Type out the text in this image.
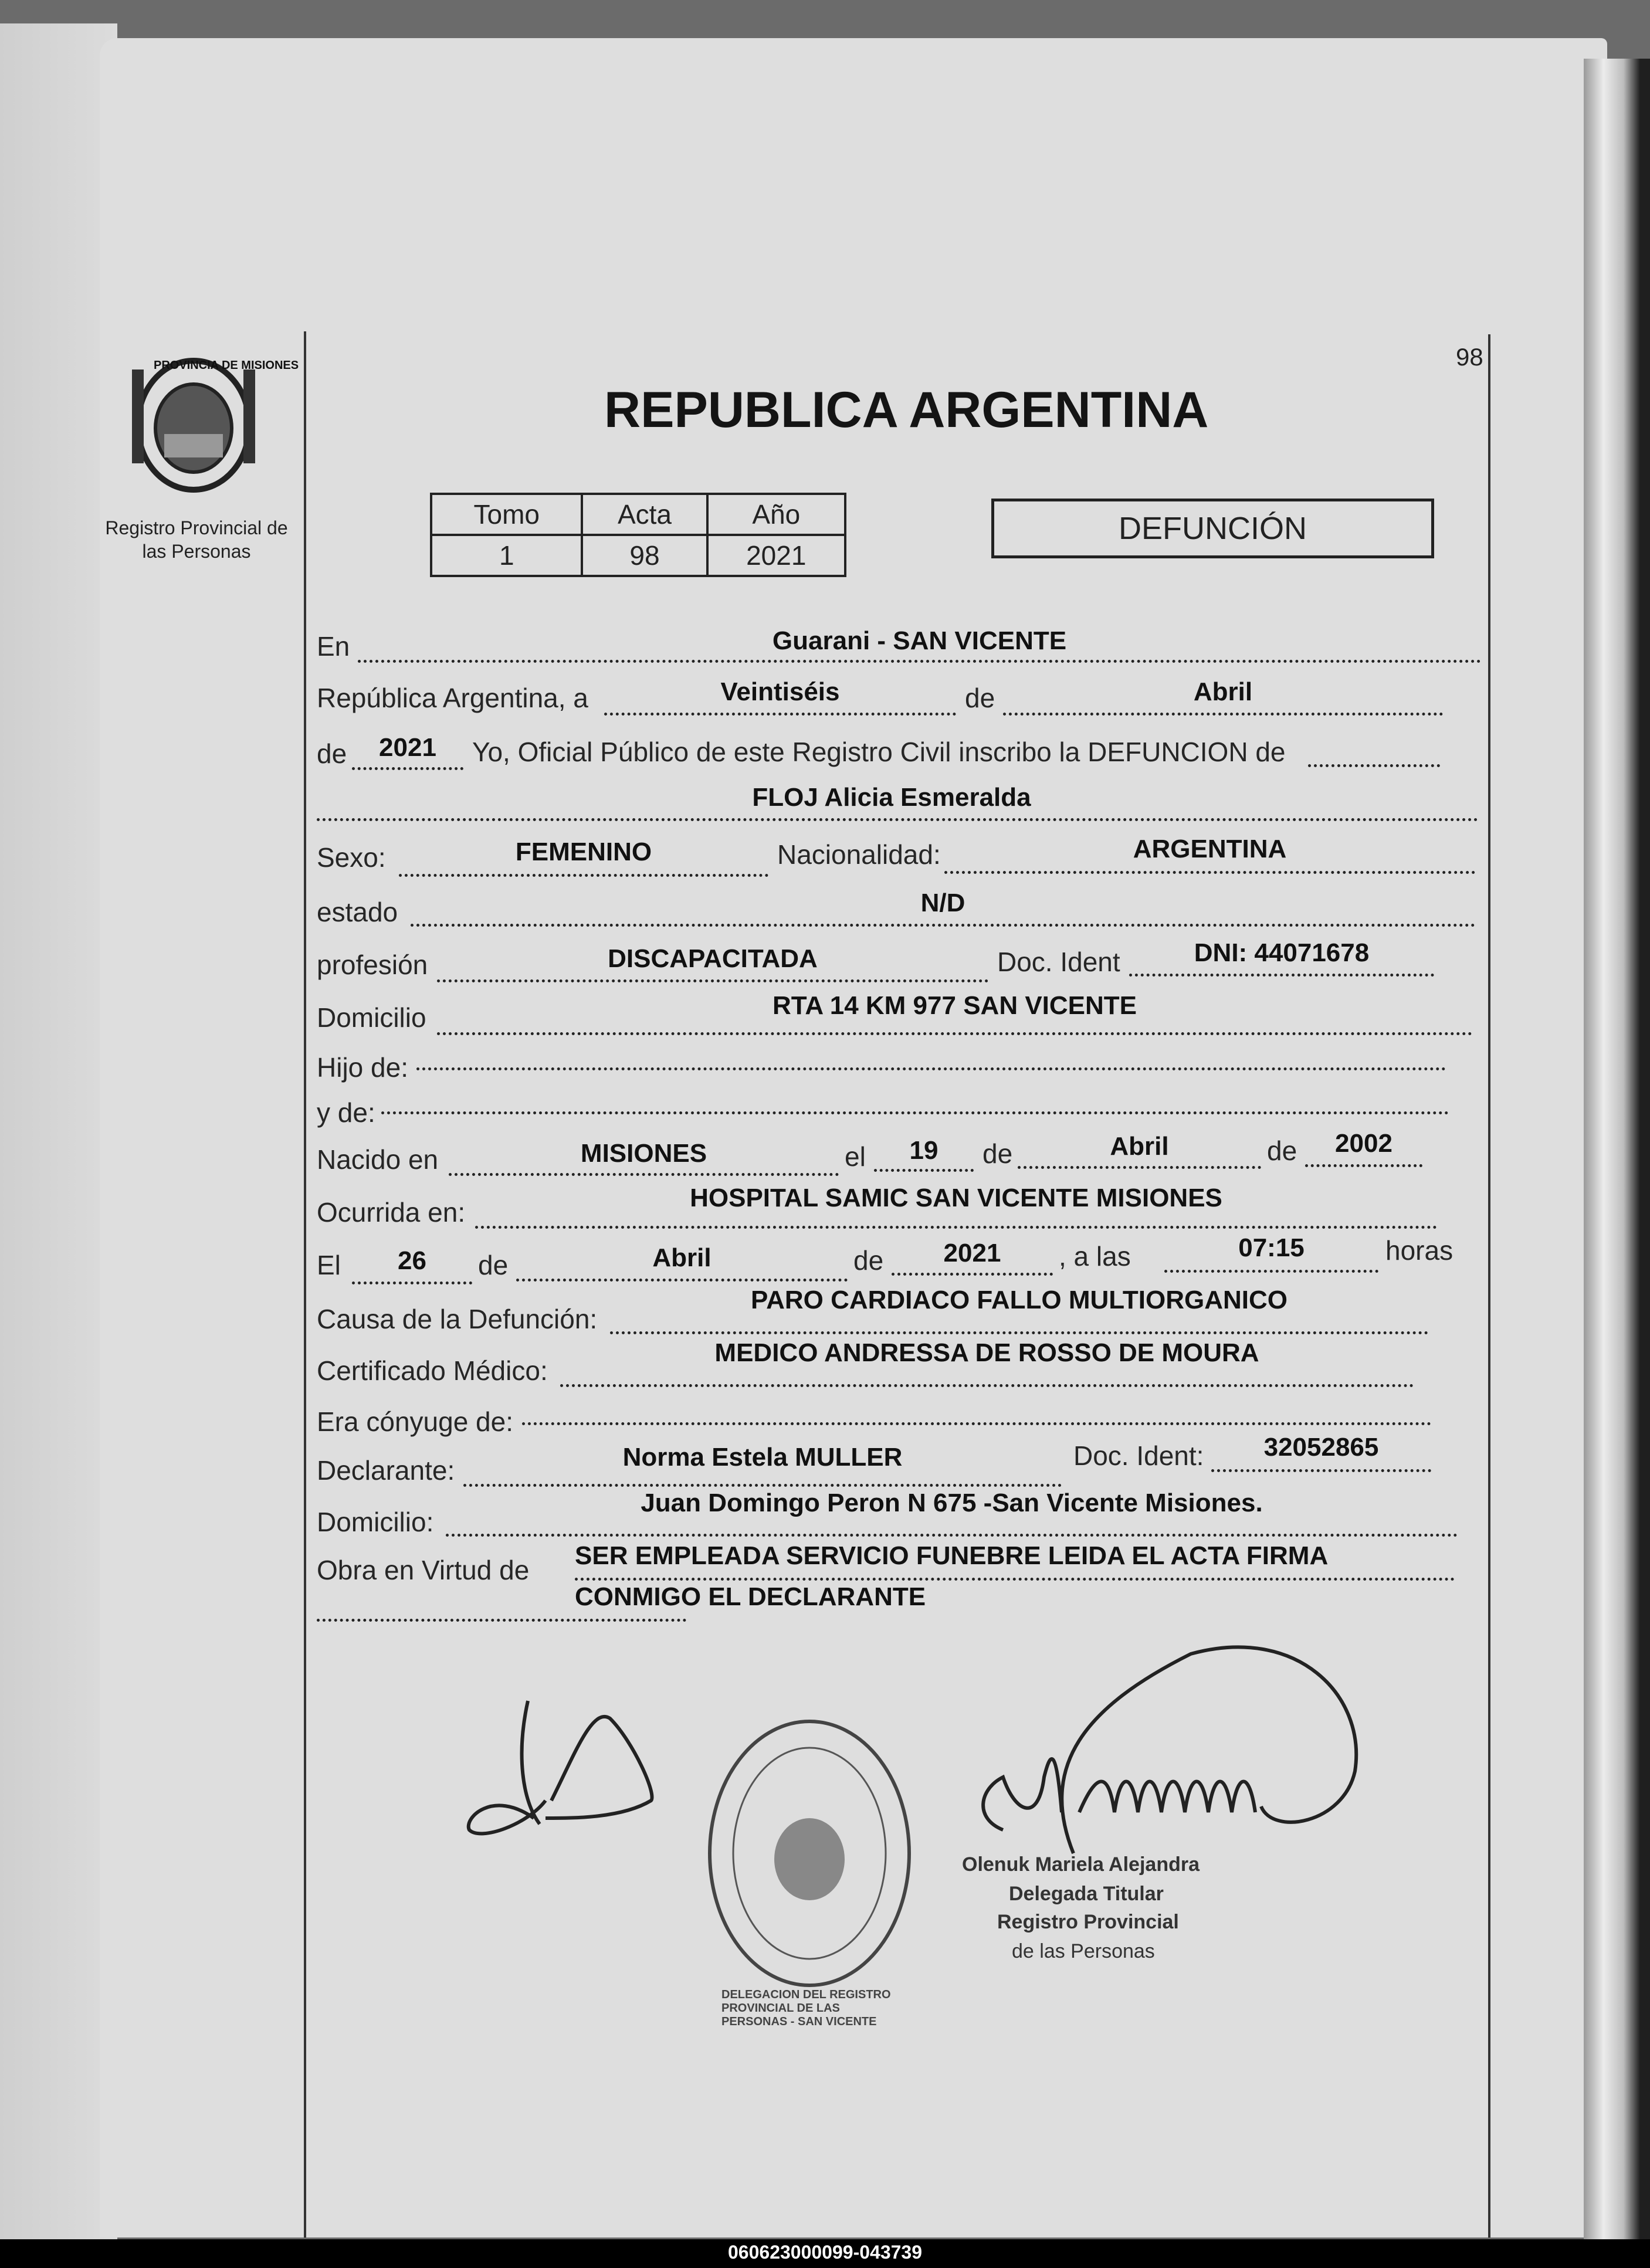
PROVINCIA DE MISIONES
Registro Provincial de las Personas
98
REPUBLICA ARGENTINA
Tomo	Acta	Año
1	98	2021
DEFUNCIÓN
En	Guarani - SAN VICENTE
República Argentina, a	Veintiséis	de	Abril
de	2021	Yo, Oficial Público de este Registro Civil inscribo la DEFUNCION de
FLOJ Alicia Esmeralda
Sexo:	FEMENINO	Nacionalidad:	ARGENTINA
estado	N/D
profesión	DISCAPACITADA	Doc. Ident	DNI: 44071678
Domicilio	RTA 14 KM 977 SAN VICENTE
Hijo de:
y de:
Nacido en	MISIONES	el	19	de	Abril	de	2002
Ocurrida en:	HOSPITAL SAMIC SAN VICENTE MISIONES
El	26	de	Abril	de	2021	, a las	07:15	horas
Causa de la Defunción:
PARO CARDIACO FALLO MULTIORGANICO
Certificado Médico:
MEDICO ANDRESSA DE ROSSO DE MOURA
Era cónyuge de:
Declarante:	Norma Estela MULLER	Doc. Ident:	32052865
Domicilio:
Juan Domingo Peron N 675 -San Vicente Misiones.
Obra en Virtud de SER EMPLEADA SERVICIO FUNEBRE LEIDA EL ACTA FIRMA CONMIGO EL DECLARANTE
DELEGACION DEL REGISTRO PROVINCIAL DE LAS PERSONAS - SAN VICENTE
Olenuk Mariela Alejandra
Delegada Titular
Registro Provincial
de las Personas
060623000099-043739
